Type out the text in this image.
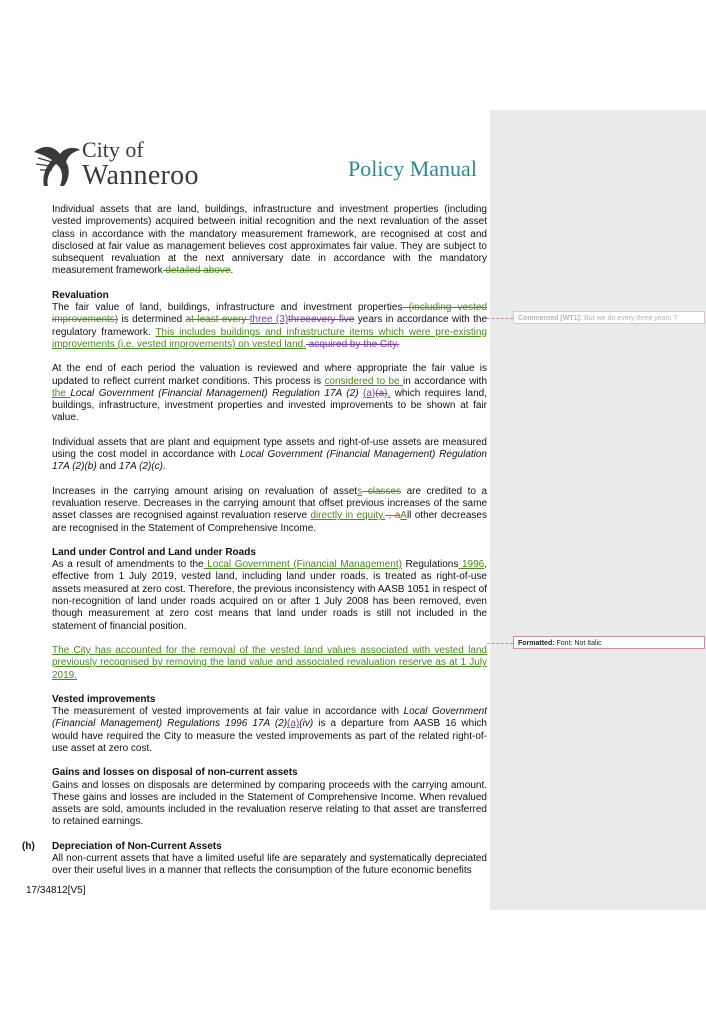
City of
Wanneroo	Policy Manual

Individual assets that are land, buildings, infrastructure and investment properties (including vested improvements) acquired between initial recognition and the next revaluation of the asset class in accordance with the mandatory measurement framework, are recognised at cost and disclosed at fair value as management believes cost approximates fair value. They are subject to subsequent revaluation at the next anniversary date in accordance with the mandatory measurement framework detailed above.

Revaluation
The fair value of land, buildings, infrastructure and investment properties (including vested improvements) is determined at least every three (3)threeevery five years in accordance with the regulatory framework. This includes buildings and infrastructure items which were pre-existing improvements (i.e. vested improvements) on vested land. acquired by the City.

At the end of each period the valuation is reviewed and where appropriate the fair value is updated to reflect current market conditions. This process is considered to be in accordance with the Local Government (Financial Management) Regulation 17A (2) (a)(a), which requires land, buildings, infrastructure, investment properties and invested improvements to be shown at fair value.

Individual assets that are plant and equipment type assets and right-of-use assets are measured using the cost model in accordance with Local Government (Financial Management) Regulation 17A (2)(b) and 17A (2)(c).

Increases in the carrying amount arising on revaluation of assets classes are credited to a revaluation reserve. Decreases in the carrying amount that offset previous increases of the same asset classes are recognised against revaluation reserve directly in equity. , aAll other decreases are recognised in the Statement of Comprehensive Income.

Land under Control and Land under Roads
As a result of amendments to the Local Government (Financial Management) Regulations 1996, effective from 1 July 2019, vested land, including land under roads, is treated as right-of-use assets measured at zero cost. Therefore, the previous inconsistency with AASB 1051 in respect of non-recognition of land under roads acquired on or after 1 July 2008 has been removed, even though measurement at zero cost means that land under roads is still not included in the statement of financial position.

The City has accounted for the removal of the vested land values associated with vested land previously recognised by removing the land value and associated revaluation reserve as at 1 July 2019.

Vested improvements
The measurement of vested improvements at fair value in accordance with Local Government (Financial Management) Regulations 1996 17A (2)(a)(iv) is a departure from AASB 16 which would have required the City to measure the vested improvements as part of the related right-of-use asset at zero cost.

Gains and losses on disposal of non-current assets
Gains and losses on disposals are determined by comparing proceeds with the carrying amount. These gains and losses are included in the Statement of Comprehensive Income. When revalued assets are sold, amounts included in the revaluation reserve relating to that asset are transferred to retained earnings.

(h) Depreciation of Non-Current Assets
All non-current assets that have a limited useful life are separately and systematically depreciated over their useful lives in a manner that reflects the consumption of the future economic benefits

17/34812[V5]
Commented [WT1]: But we do every three years ?
Formatted: Font: Not Italic
